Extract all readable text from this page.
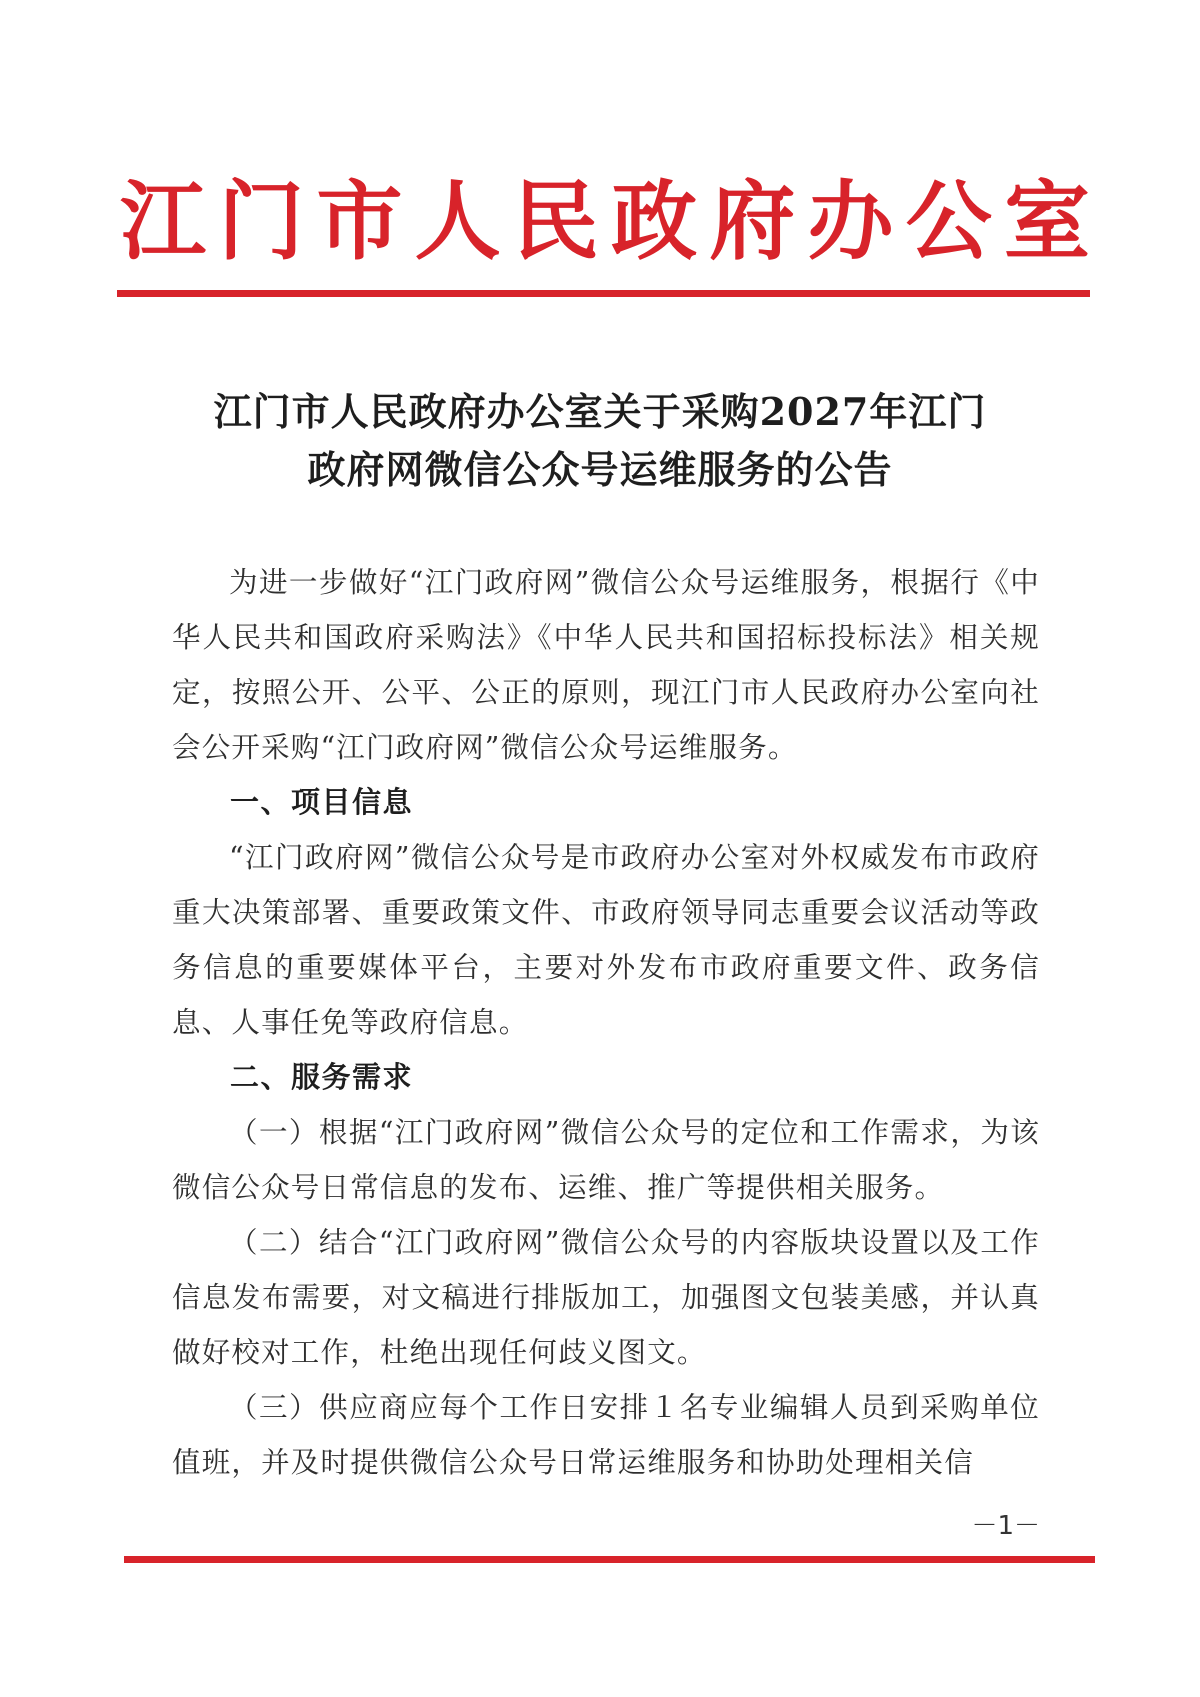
江 门 市 人 民 政 府 办 公 室
江门市人民政府办公室关于采购2027年江门
政府网微信公众号运维服务的公告

为进一步做好“江门政府网”微信公众号运维服务，根据行《中华人民共和国政府采购法》《中华人民共和国招标投标法》相关规定，按照公开、公平、公正的原则，现江门市人民政府办公室向社会公开采购“江门政府网”微信公众号运维服务。

一、项目信息

“江门政府网”微信公众号是市政府办公室对外权威发布市政府重大决策部署、重要政策文件、市政府领导同志重要会议活动等政务信息的重要媒体平台，主要对外发布市政府重要文件、政务信息、人事任免等政府信息。

二、服务需求

（一）根据“江门政府网”微信公众号的定位和工作需求，为该微信公众号日常信息的发布、运维、推广等提供相关服务。

（二）结合“江门政府网”微信公众号的内容版块设置以及工作信息发布需要，对文稿进行排版加工，加强图文包装美感，并认真做好校对工作，杜绝出现任何歧义图文。

（三）供应商应每个工作日安排１名专业编辑人员到采购单位值班，并及时提供微信公众号日常运维服务和协助处理相关信

－1－
